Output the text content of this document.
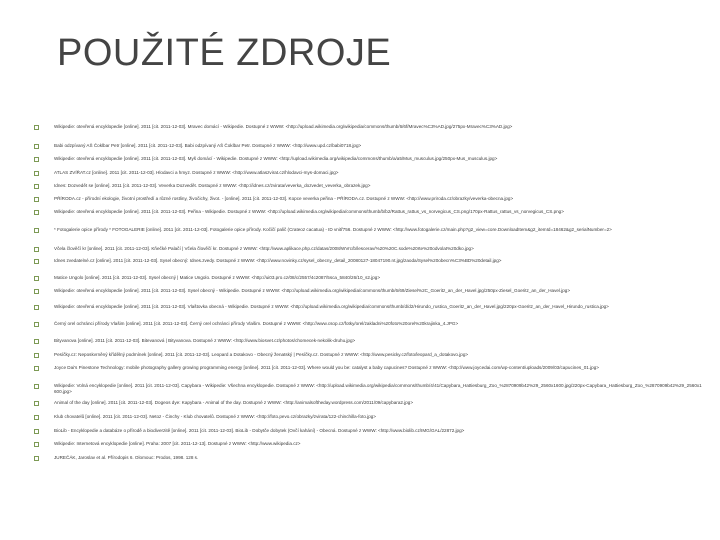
POUŽITÉ ZDROJE
Wikipedie: otevřená encyklopedie [online]. 2011 [cit. 2011-12-03]. Mravec domácí - Wikipedie. Dostupné z WWW: <http://upload.wikimedia.org/wikipedia/commons/thumb/6/6f/Mravec%C3%AD.jpg/275px-Mravec%C3%AD.jpg>
Babi odzpívaný AŠ Čoklbar Petr [online]. 2011 [cit. 2011-12-03]. Babi odzpívaný AŠ Čoklbar Petr. Dostupné z WWW: <http://www.upd.cz/babi0718.jpg>
Wikipedie: otevřená encyklopedie [online]. 2011 [cit. 2011-12-03]. Myš domácí - Wikipedie. Dostupné z WWW: <http://upload.wikimedia.org/wikipedia/commons/thumb/a/a5/Mus_musculus.jpg/250px-Mus_musculus.jpg>
ATLAS ZVÍŘAT.cz [online]. 2011 [cit. 2011-12-03]. Hlodavci a hmyz. Dostupné z WWW: <http://www.atlaszvirat.cz/hlodavci-mys-domaci.jpg>
Idnes: Dozvedět se [online]. 2011 [cit. 2011-12-03]. Veverka Dozvedět. Dostupné z WWW: <http://idnes.cz/zvirata/veverka_dozvedet_veverka_obrazek.jpg>
PŘÍRODA.cz - přírodní ekologie, životní prostředí a různé rostliny, živočichy, život. - [online]. 2011 [cit. 2011-12-03]. Kopce veverka peřina - PŘÍRODA.cz. Dostupné z WWW: <http://www.priroda.cz/obrazky/veverka-obecna.jpg>
Wikipedie: otevřená encyklopedie [online]. 2011 [cit. 2011-12-03]. Peřina - Wikipedie. Dostupné z WWW: <http://upload.wikimedia.org/wikipedia/commons/thumb/b/b2/Rattus_rattus_vs_norvegicus_CS.png/170px-Rattus_rattus_vs_norvegicus_CS.png>
* Fotogalerie opice přírody * FOTOGALERIE [online]. 2011 [cit. 2011-12-03]. Fotogalerie opice přírody. Kočičí palič (Crateoz cacatua) - ID vnitř756. Dostupné z WWW: <http://www.fotogalerie.cz/main.php?g2_view=core.DownloadItem&g2_itemId=18462&g2_serialNumber=2>
Včela člověčí kr [online]. 2011 [cit. 2011-12-03]. Kňečké Palačí | Včela člověčí kr. Dostupné z WWW: <http://www.aplikace.php.cz/datas/2008/WVrc/b/lescerav/%20%20C.sode%20rte%20odvolat%20dko.jpg>
Idnes zvedatelné.cz [online]. 2011 [cit. 2011-12-03]. Sysel obecný: Idnes.zvedy. Dostupné z WWW: <http://www.novinky.cz/sysel_obecny_detail_20080127-18047190.nt.jpg/zaoda/Sysel%20obecn%C3%BD%20detail.jpg>
Matice Ungolo [online]. 2011 [cit. 2011-12-03]. Sysel obecný | Matice Ungolo. Dostupné z WWW: <http://ui03.pro.cz/08/c/2557/4c2087/5sca_5840/26/10_s2.jpg>
Wikipedie: otevřená encyklopedie [online]. 2011 [cit. 2011-12-03]. Sysel obecný - Wikipedie. Dostupné z WWW: <http://upload.wikimedia.org/wikipedia/commons/thumb/6/69/Ziesel%2C_Goeritz_an_der_Havel.jpg/250px-Ziesel_Goeritz_an_der_Havel.jpg>
Wikipedie: otevřená encyklopedie [online]. 2011 [cit. 2011-12-03]. Vlaštovka obecná - Wikipedie. Dostupné z WWW: <http://upload.wikimedia.org/wikipedia/commons/thumb/d/d2/Hirundo_rustica_Goeritz_an_der_Havel.jpg/220px-Goeritz_an_der_Havel_Hirundo_rustica.jpg>
Černý orel ochránci přírody Vlašim [online]. 2011 [cit. 2011-12-03]. Černý orel ochránci přírody Vlašim. Dostupné z WWW: <http://www.csop.cz/fotky/orel/zakladni%20foto%20orel%20krajinka_4.JPG>
Bityvanova [online]. 2011 [cit. 2011-12-03]. Bitevanová | Bityvanova. Dostupné z WWW: <http://www.biosvet.cz/photos/chomecek-nekolik-druhu.jpg>
Pesíčky.cz: Neposkvrněný křídělný podmínek [online]. 2011 [cit. 2011-12-03]. Leopard a Dotakovo - Obecný ženatský | Pesíčky.cz. Dostupné z WWW: <http://www.pesicky.cz/foto/leopard_a_dotakovo.jpg>
Joyce Dai's Pinestone Technology: mobile photography gallery growing programming energy [online]. 2011 [cit. 2011-12-03]. Where would you be: catalyst a baby capucines? Dostupné z WWW: <http://www.joycedai.com/wp-content/uploads/2009/03/capucines_01.jpg>
Wikipedie: Volná encyklopedie [online]. 2011 [cit. 2011-12-03]. Capybara - Wikipedie: Všechna encyklopedie. Dostupné z WWW: <http://upload.wikimedia.org/wikipedia/commons/thumb/4/41/Capybara_Hattiesburg_Zoo_%2870909b42%29_2560x1600.jpg/220px-Capybara_Hattiesburg_Zoo_%2870909b42%29_2560x1600.jpg>
Animal of the day [online]. 2011 [cit. 2011-12-03]. Dogeos dye: Kapybara - Animal of the day. Dostupné z WWW: <http://animalsoftheday.wordpress.com/2011/09/capybara2.jpg>
Klub chovatelů [online]. 2011 [cit. 2011-12-03]. Netoz - Činchy - Klub chovatelů. Dostupné z WWW: <http://foto.pevo.cz/obrazky/zvirata/122-chinchilla-foto.jpg>
BioLib - Encyklopedie a databáze o přírodě a biodiverzitě [online]. 2011 [cit. 2011-12-03]. BioLib - Dobytče dobytek (Ovčí kahání) - Obecná. Dostupné z WWW: <http://www.biolib.cz/IMG/GAL/22872.jpg>
Wikipedie: Internetová encyklopedie [online]. Praha: 2007 [cit. 2011-12-13]. Dostupné z WWW: <http://www.wikipedia.cz>
JUREČÁK, Jaroslav et al. Přírodopis 6. Olomouc: Prodos, 1998. 128 s.
